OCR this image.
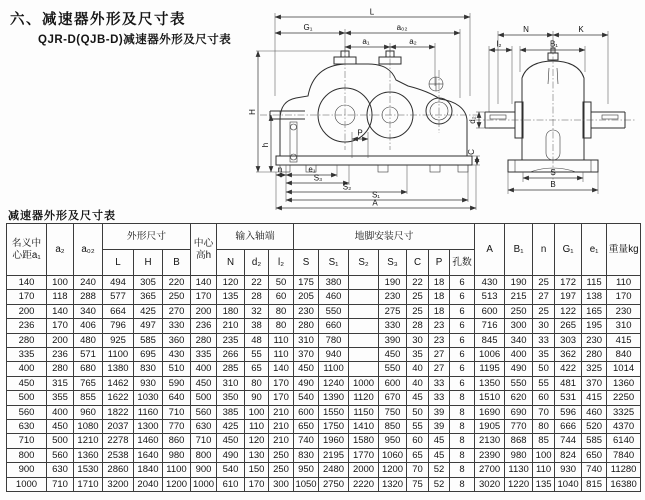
六、减速器外形及尺寸表
QJR-D(QJB-D)减速器外形及尺寸表
L
G₁	a₀₂
a₁	a₂
H
h
P
C
n	e₁
S₃
S₂
S₁
A
N	K
l₂	B₁
d₂
S
B
减速器外形及尺寸表
名义中
心距a₁
	a₂	a₀₂	外形尺寸	
中心
高h
	输入轴端	地脚安装尺寸	A	B₁	n	G₁	e₁	重量kg
			L	H	B		N	d₂	l₂	S	S₁	S₂	S₃	C	P	孔数						
140	100	240	494	305	220	140	120	22	50	175	380		190	22	18	6	430	190	25	172	115	110
170	118	288	577	365	250	170	135	28	60	205	460		230	25	18	6	513	215	27	197	138	170
200	140	340	664	425	270	200	180	32	80	230	550		275	25	18	6	600	250	25	122	165	230
236	170	406	796	497	330	236	210	38	80	280	660		330	28	23	6	716	300	30	265	195	310
280	200	480	925	585	360	280	235	48	110	310	780		390	30	23	6	845	340	33	303	230	415
335	236	571	1100	695	430	335	266	55	110	370	940		450	35	27	6	1006	400	35	362	280	840
400	280	680	1380	830	510	400	285	65	140	450	1100		550	40	27	6	1195	490	50	422	325	1014
450	315	765	1462	930	590	450	310	80	170	490	1240	1000	600	40	33	6	1350	550	55	481	370	1360
500	355	855	1622	1030	640	500	350	90	170	540	1390	1120	670	45	33	8	1510	620	60	531	415	2250
560	400	960	1822	1160	710	560	385	100	210	600	1550	1150	750	50	39	8	1690	690	70	596	460	3325
630	450	1080	2037	1300	770	630	425	110	210	650	1750	1410	850	55	39	8	1905	770	80	666	520	4370
710	500	1210	2278	1460	860	710	450	120	210	740	1960	1580	950	60	45	8	2130	868	85	744	585	6140
800	560	1360	2538	1640	980	800	490	130	250	830	2195	1770	1060	65	45	8	2390	980	100	824	650	7840
900	630	1530	2860	1840	1100	900	540	150	250	950	2480	2000	1200	70	52	8	2700	1130	110	930	740	11280
1000	710	1710	3200	2040	1200	1000	610	170	300	1050	2750	2220	1320	75	52	8	3020	1220	135	1040	815	16380
